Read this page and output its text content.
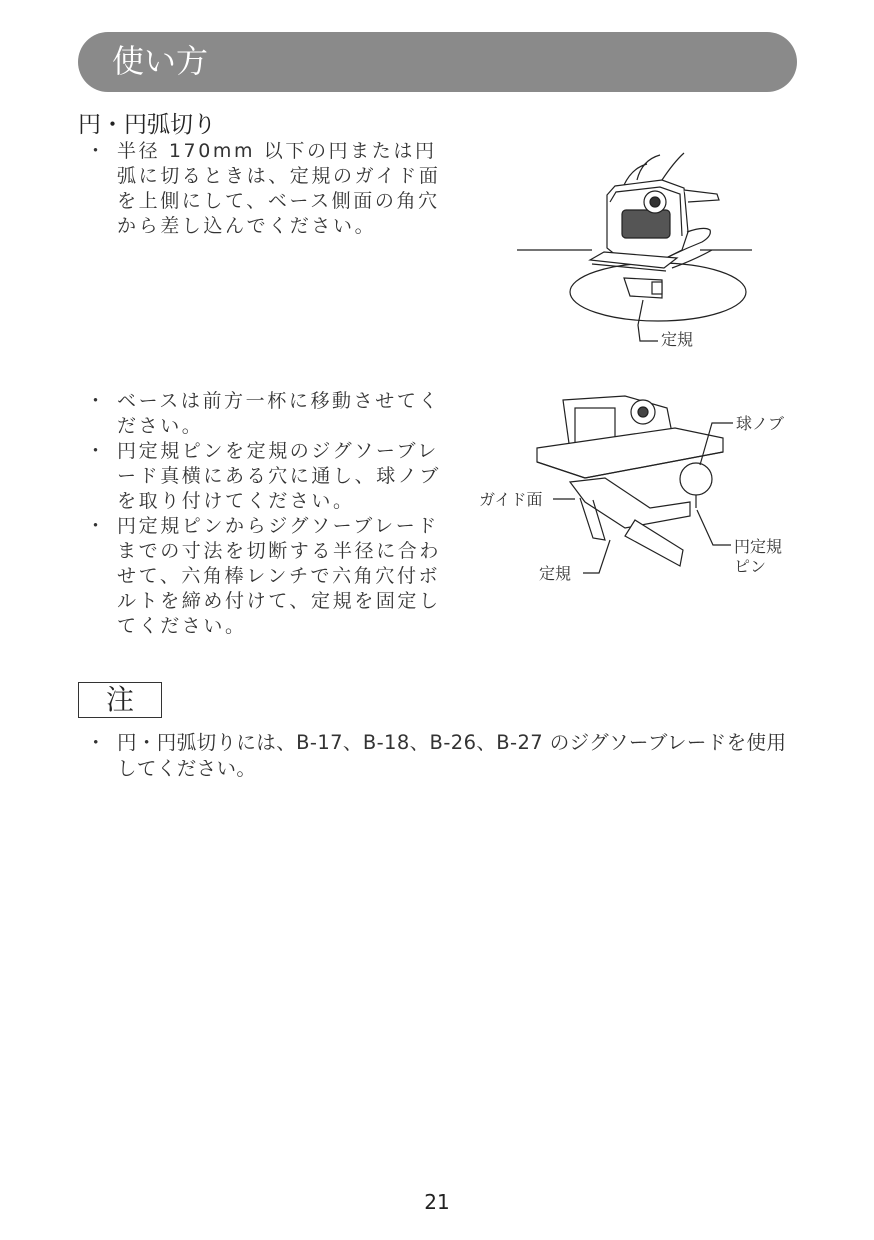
使い方
円・円弧切り
・ 半径 170mm 以下の円または円弧に切るときは、定規のガイド面を上側にして、ベース側面の角穴から差し込んでください。
定規
・ ベースは前方一杯に移動させてください。
・ 円定規ピンを定規のジグソーブレード真横にある穴に通し、球ノブを取り付けてください。
・ 円定規ピンからジグソーブレードまでの寸法を切断する半径に合わせて、六角棒レンチで六角穴付ボルトを締め付けて、定規を固定してください。
球ノブ
ガイド面
定規
円定規
ピン
注
・ 円・円弧切りには、B-17、B-18、B-26、B-27 のジグソーブレードを使用してください。
21
